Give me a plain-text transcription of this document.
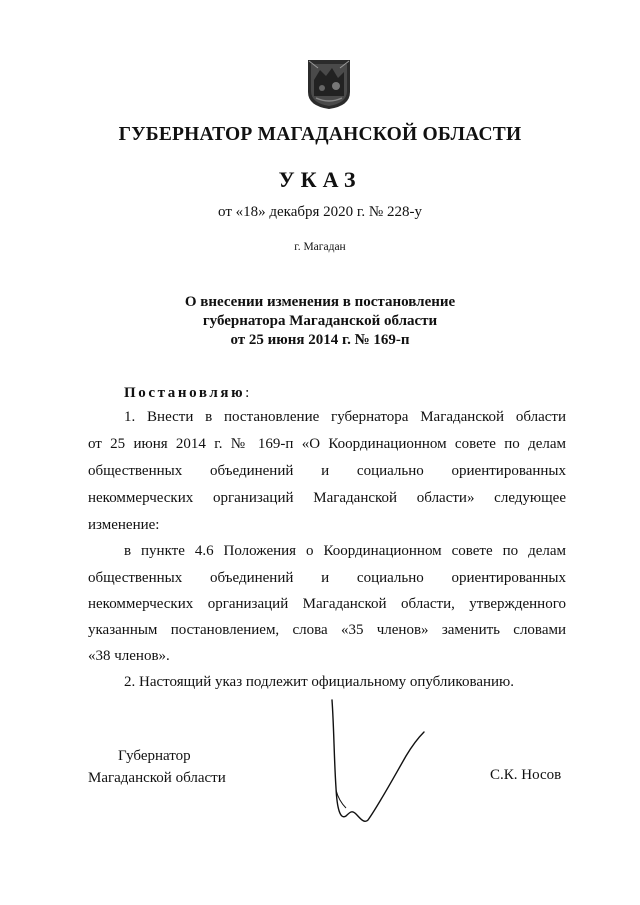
ГУБЕРНАТОР МАГАДАНСКОЙ ОБЛАСТИ
УКАЗ
от «18» декабря 2020 г. № 228-у
г. Магадан
О внесении изменения в постановление
губернатора Магаданской области
от 25 июня 2014 г. № 169-п
Постановляю:
1. Внести в постановление губернатора Магаданской области
от 25 июня 2014 г. № 169-п «О Координационном совете по делам
общественных объединений и социально ориентированных
некоммерческих организаций Магаданской области» следующее
изменение:
в пункте 4.6 Положения о Координационном совете по делам
общественных объединений и социально ориентированных
некоммерческих организаций Магаданской области, утвержденного
указанным постановлением, слова «35 членов» заменить словами
«38 членов».
2. Настоящий указ подлежит официальному опубликованию.
Губернатор
Магаданской области	С.К. Носов
